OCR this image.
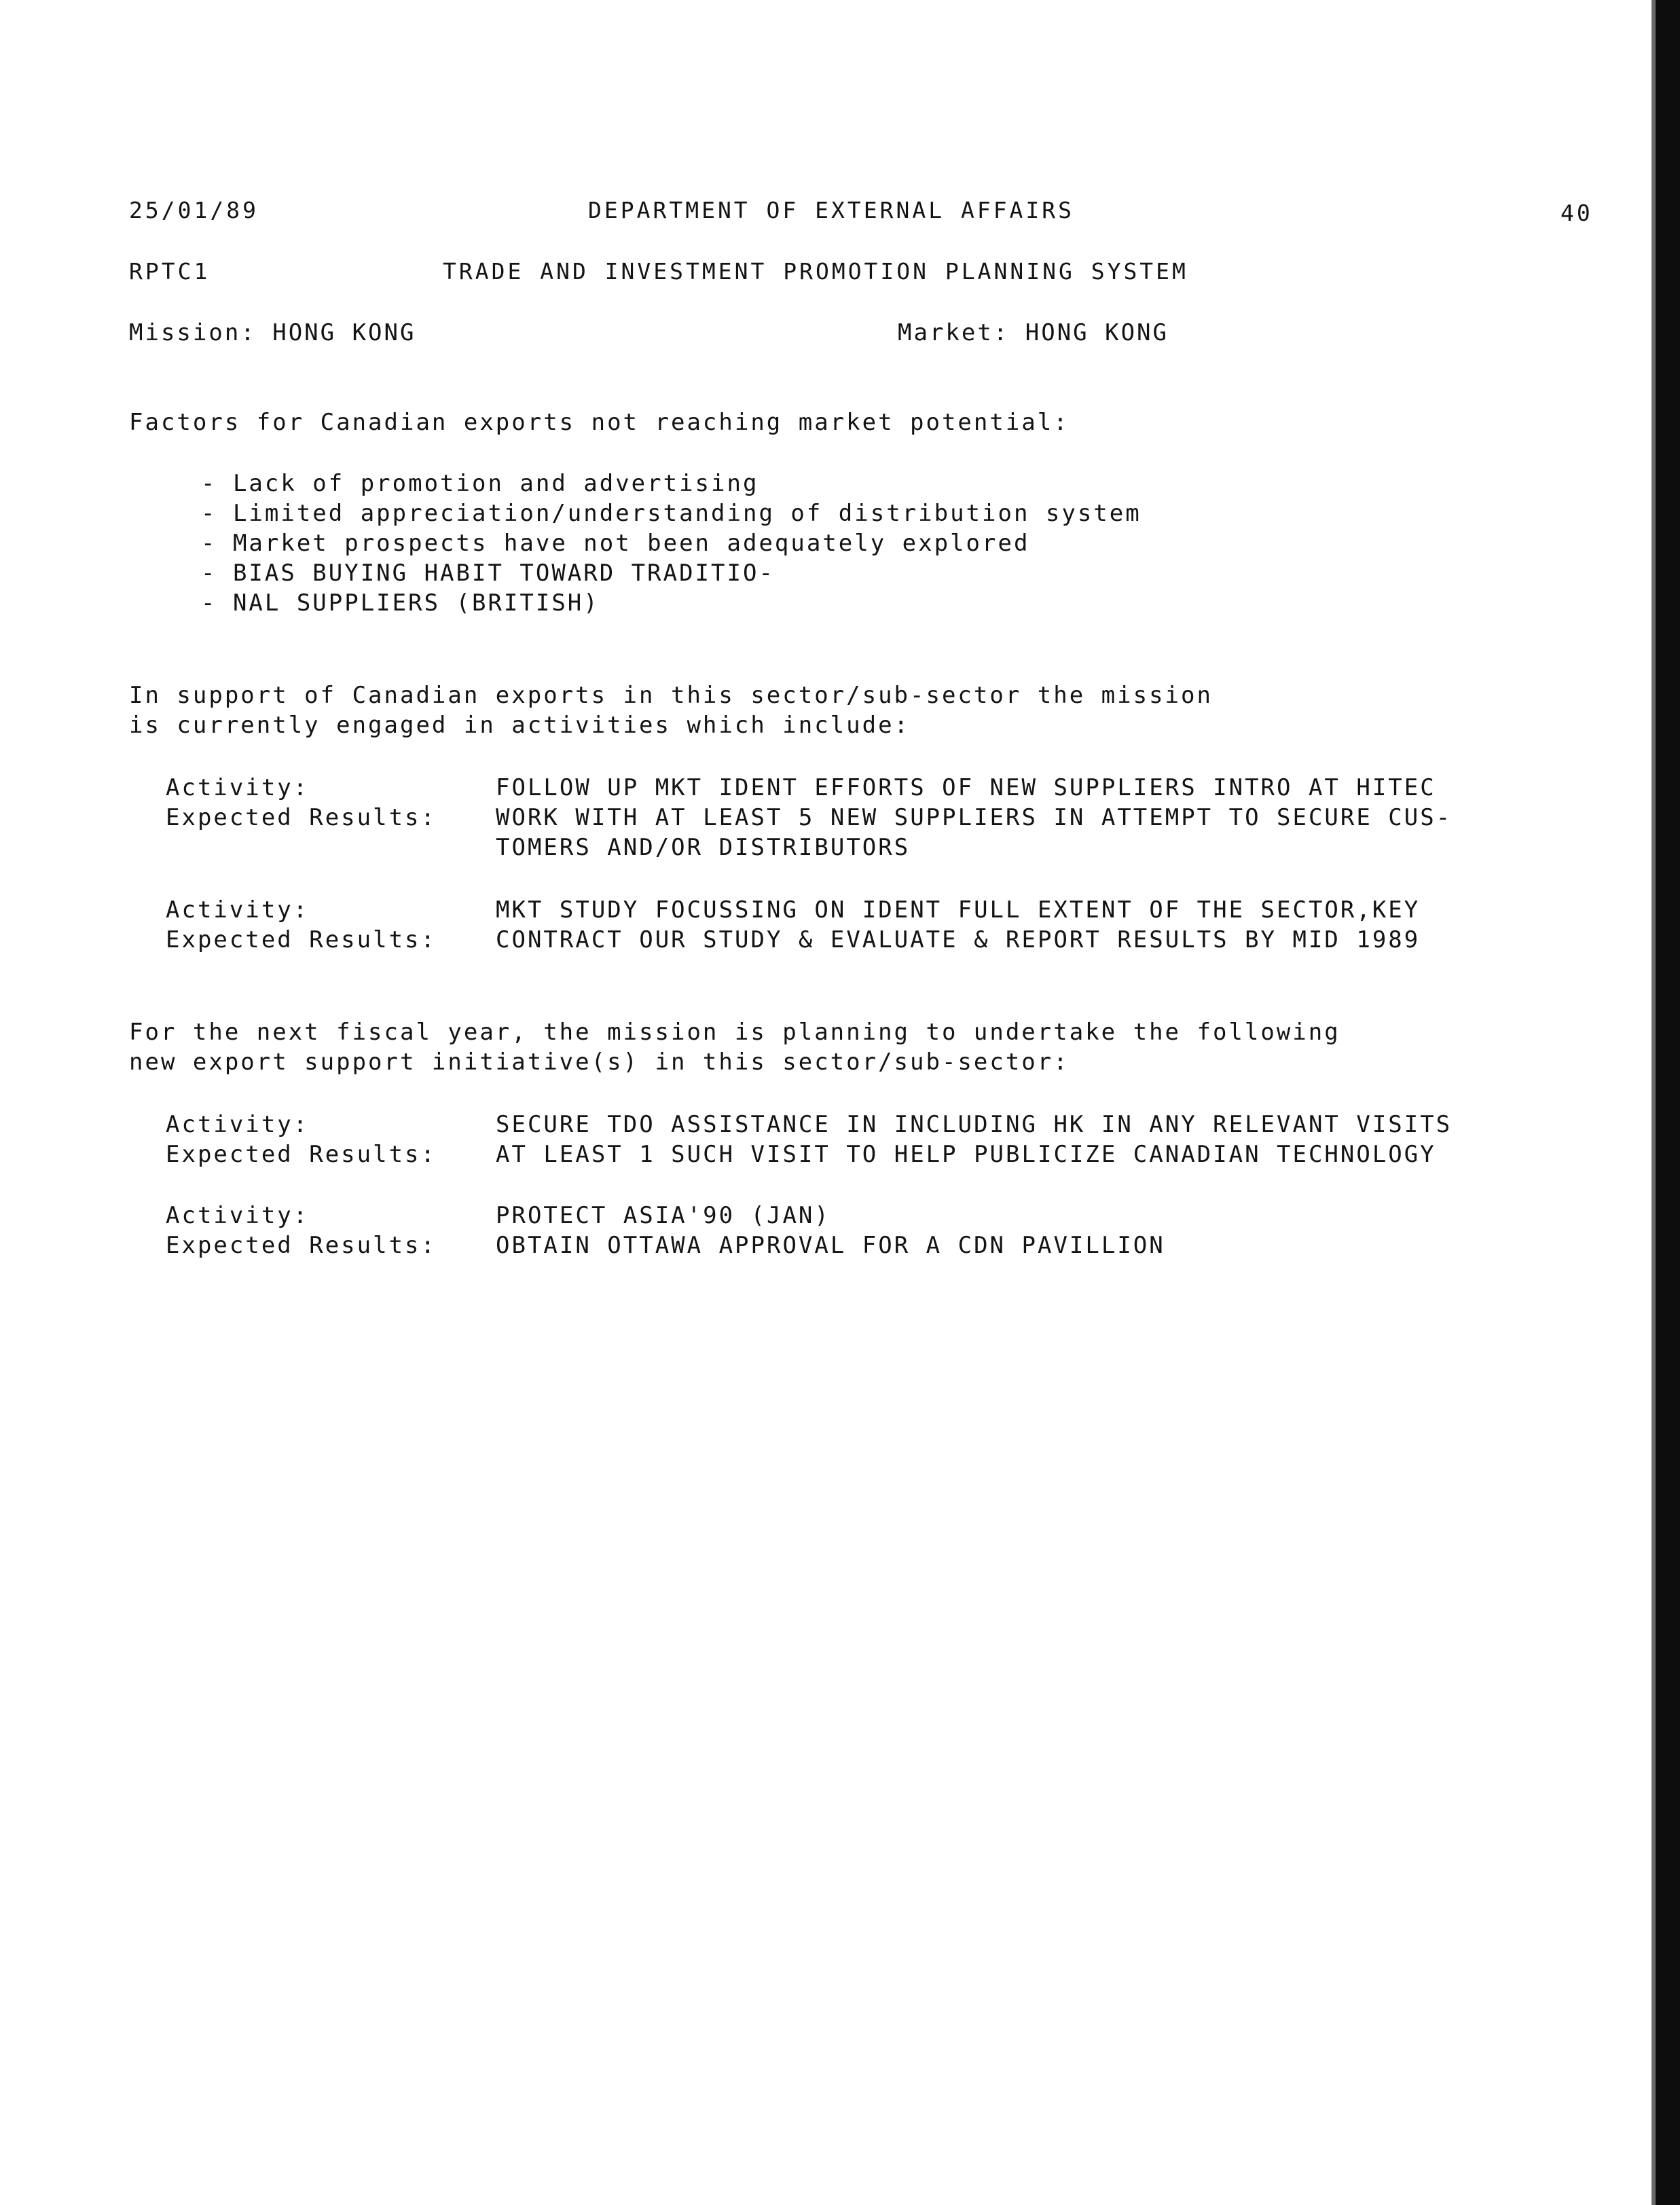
25/01/89	DEPARTMENT OF EXTERNAL AFFAIRS	40
RPTC1	TRADE AND INVESTMENT PROMOTION PLANNING SYSTEM
Mission: HONG KONG	Market: HONG KONG
Factors for Canadian exports not reaching market potential:
- Lack of promotion and advertising
- Limited appreciation/understanding of distribution system
- Market prospects have not been adequately explored
- BIAS BUYING HABIT TOWARD TRADITIO-
- NAL SUPPLIERS (BRITISH)
In support of Canadian exports in this sector/sub-sector the mission
is currently engaged in activities which include:
Activity:	FOLLOW UP MKT IDENT EFFORTS OF NEW SUPPLIERS INTRO AT HITEC
Expected Results:	WORK WITH AT LEAST 5 NEW SUPPLIERS IN ATTEMPT TO SECURE CUS-
TOMERS AND/OR DISTRIBUTORS
Activity:	MKT STUDY FOCUSSING ON IDENT FULL EXTENT OF THE SECTOR,KEY
Expected Results:	CONTRACT OUR STUDY & EVALUATE & REPORT RESULTS BY MID 1989
For the next fiscal year, the mission is planning to undertake the following
new export support initiative(s) in this sector/sub-sector:
Activity:	SECURE TDO ASSISTANCE IN INCLUDING HK IN ANY RELEVANT VISITS
Expected Results:	AT LEAST 1 SUCH VISIT TO HELP PUBLICIZE CANADIAN TECHNOLOGY
Activity:	PROTECT ASIA'90 (JAN)
Expected Results:	OBTAIN OTTAWA APPROVAL FOR A CDN PAVILLION
